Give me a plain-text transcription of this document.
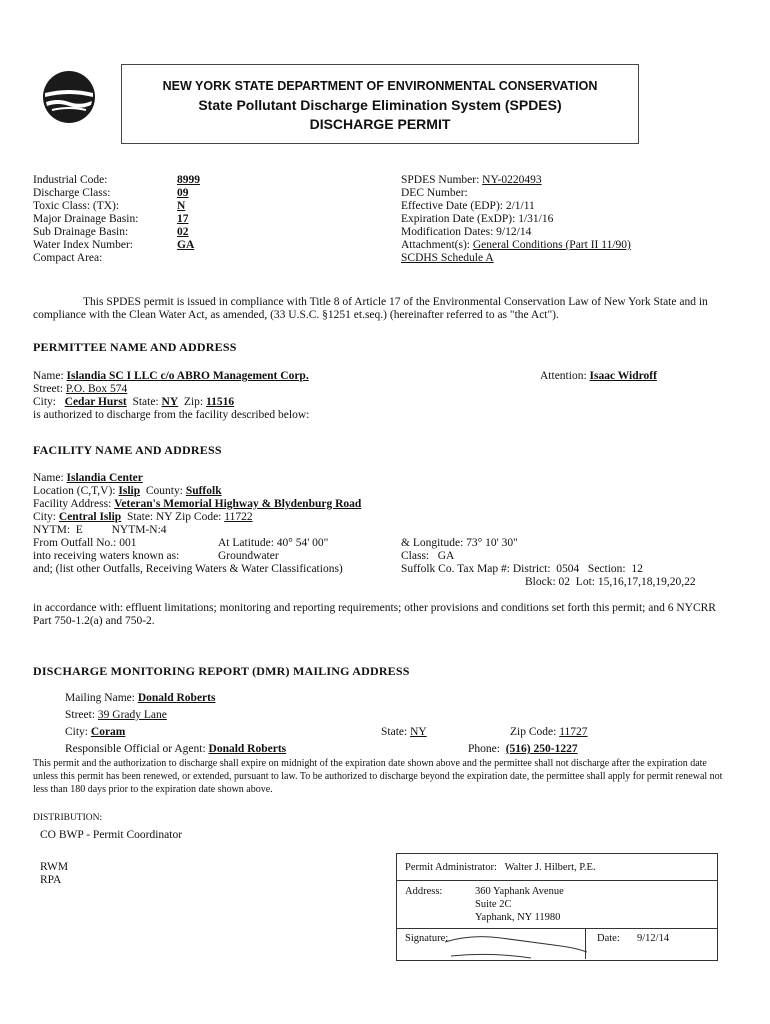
NEW YORK STATE DEPARTMENT OF ENVIRONMENTAL CONSERVATION
State Pollutant Discharge Elimination System (SPDES)
DISCHARGE PERMIT
Industrial Code:	8999
Discharge Class:	09
Toxic Class: (TX):	N
Major Drainage Basin:	17
Sub Drainage Basin:	02
Water Index Number:	GA
Compact Area:
SPDES Number: NY-0220493
DEC Number:
Effective Date (EDP): 2/1/11
Expiration Date (ExDP): 1/31/16
Modification Dates: 9/12/14
Attachment(s): General Conditions (Part II 11/90)
SCDHS Schedule A
This SPDES permit is issued in compliance with Title 8 of Article 17 of the Environmental Conservation Law of New York State and in compliance with the Clean Water Act, as amended, (33 U.S.C. §1251 et.seq.) (hereinafter referred to as "the Act").
PERMITTEE NAME AND ADDRESS
Name: Islandia SC I LLC c/o ABRO Management Corp.	Attention: Isaac Widroff
Street: P.O. Box 574
City: Cedar Hurst State: NY Zip: 11516
is authorized to discharge from the facility described below:
FACILITY NAME AND ADDRESS
Name: Islandia Center
Location (C,T,V): Islip County: Suffolk
Facility Address: Veteran's Memorial Highway & Blydenburg Road
City: Central Islip State: NY Zip Code: 11722
NYTM:  E          NYTM-N:4
From Outfall No.: 001	At Latitude: 40° 54' 00"	& Longitude: 73° 10' 30"
into receiving waters known as:	Groundwater	Class:   GA
and; (list other Outfalls, Receiving Waters & Water Classifications)	Suffolk Co. Tax Map #: District:  0504   Section:  12
Block: 02  Lot: 15,16,17,18,19,20,22
in accordance with: effluent limitations; monitoring and reporting requirements; other provisions and conditions set forth this permit; and 6 NYCRR Part 750-1.2(a) and 750-2.
DISCHARGE MONITORING REPORT (DMR) MAILING ADDRESS
Mailing Name: Donald Roberts
Street: 39 Grady Lane
City: Coram	State: NY	Zip Code: 11727
Responsible Official or Agent: Donald Roberts	Phone: (516) 250-1227
This permit and the authorization to discharge shall expire on midnight of the expiration date shown above and the permittee shall not discharge after the expiration date unless this permit has been renewed, or extended, pursuant to law. To be authorized to discharge beyond the expiration date, the permittee shall apply for permit renewal not less than 180 days prior to the expiration date shown above.
DISTRIBUTION:
CO BWP - Permit Coordinator
RWM
RPA
Permit Administrator: Walter J. Hilbert, P.E.
Address:	360 Yaphank Avenue
Suite 2C
Yaphank, NY 11980
Signature:	Date: 9/12/14
